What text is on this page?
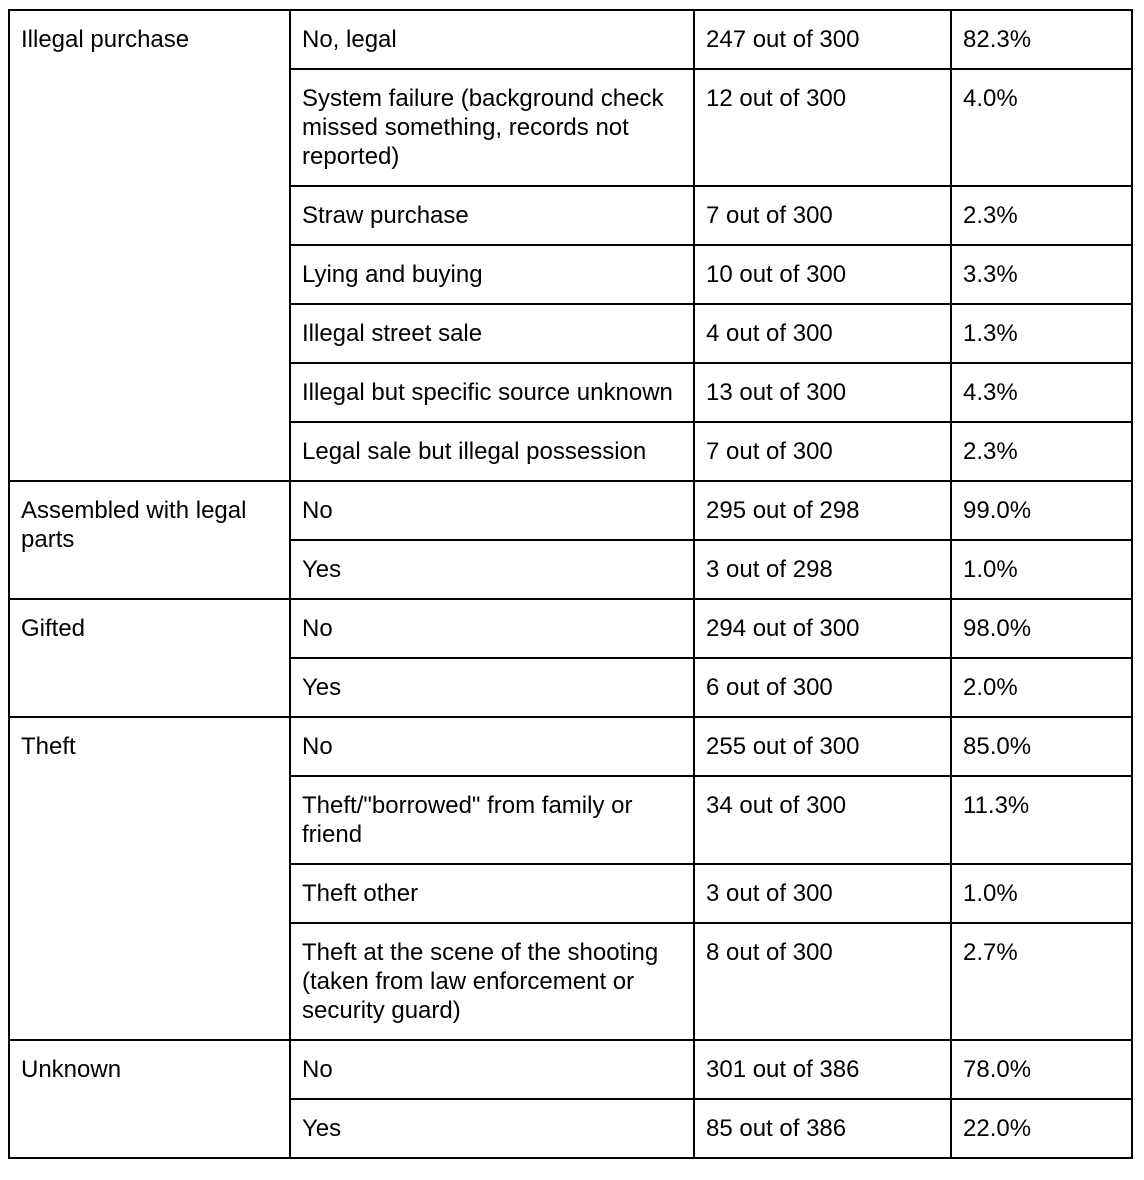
Illegal purchase	No, legal	247 out of 300	82.3%
	System failure (background check missed something, records not reported)	12 out of 300	4.0%
	Straw purchase	7 out of 300	2.3%
	Lying and buying	10 out of 300	3.3%
	Illegal street sale	4 out of 300	1.3%
	Illegal but specific source unknown	13 out of 300	4.3%
	Legal sale but illegal possession	7 out of 300	2.3%
Assembled with legal parts	No	295 out of 298	99.0%
	Yes	3 out of 298	1.0%
Gifted	No	294 out of 300	98.0%
	Yes	6 out of 300	2.0%
Theft	No	255 out of 300	85.0%
	Theft/"borrowed" from family or friend	34 out of 300	11.3%
	Theft other	3 out of 300	1.0%
	Theft at the scene of the shooting (taken from law enforcement or security guard)	8 out of 300	2.7%
Unknown	No	301 out of 386	78.0%
	Yes	85 out of 386	22.0%
